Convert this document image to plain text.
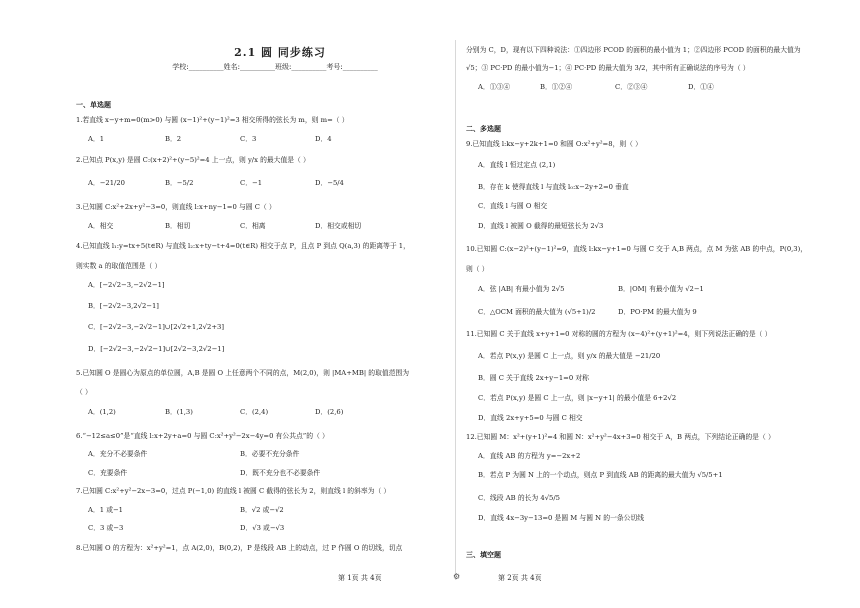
2.1 圆 同步练习
学校:__________姓名:__________班级:__________考号:__________
一、单选题
1.若直线 x−y+m=0(m>0) 与圆 (x−1)²+(y−1)²=3 相交所得的弦长为 m，则 m=（ ）
A．1	B．2	C．3	D．4
2.已知点 P(x,y) 是圆 C:(x+2)²+(y−5)²=4 上一点，则 y/x 的最大值是（ ）
A．−21/20	B．−5/2	C．−1	D．−5/4
3.已知圆 C:x²+2x+y²−3=0，则直线 l:x+ny−1=0 与圆 C（ ）
A．相交	B．相切	C．相离	D．相交或相切
4.已知直线 l₁:y=tx+5(t∈R) 与直线 l₂:x+ty−t+4=0(t∈R) 相交于点 P，且点 P 到点 Q(a,3) 的距离等于 1，
则实数 a 的取值范围是（ ）
A．[−2√2−3,−2√2−1]
B．[−2√2−3,2√2−1]
C．[−2√2−3,−2√2−1]∪[2√2+1,2√2+3]
D．[−2√2−3,−2√2−1]∪[2√2−3,2√2−1]
5.已知圆 O 是圆心为原点的单位圆，A,B 是圆 O 上任意两个不同的点，M(2,0)，则 |MA+MB| 的取值范围为
（ ）
A．(1,2)	B．(1,3)	C．(2,4)	D．(2,6)
6.“−12≤a≤0”是“直线 l:x+2y+a=0 与圆 C:x²+y²−2x−4y=0 有公共点”的（ ）
A．充分不必要条件	B．必要不充分条件
C．充要条件	D．既不充分也不必要条件
7.已知圆 C:x²+y²−2x−3=0，过点 P(−1,0) 的直线 l 被圆 C 截得的弦长为 2，则直线 l 的斜率为（ ）
A．1 或−1	B．√2 或−√2
C．3 或−3	D．√3 或−√3
8.已知圆 O 的方程为：x²+y²=1，点 A(2,0)，B(0,2)，P 是线段 AB 上的动点，过 P 作圆 O 的切线，切点
分别为 C，D，现有以下四种说法：①四边形 PCOD 的面积的最小值为 1；②四边形 PCOD 的面积的最大值为
√5；③ PC·PD 的最小值为−1；④ PC·PD 的最大值为 3/2，其中所有正确说法的序号为（ ）
A．①③④	B．①②④	C．②③④	D．①④
二、多选题
9.已知直线 l:kx−y+2k+1=0 和圆 O:x²+y²=8，则（ ）
A．直线 l 恒过定点 (2,1)
B．存在 k 使得直线 l 与直线 l₀:x−2y+2=0 垂直
C．直线 l 与圆 O 相交
D．直线 l 被圆 O 截得的最短弦长为 2√3
10.已知圆 C:(x−2)²+(y−1)²=9，直线 l:kx−y+1=0 与圆 C 交于 A,B 两点，点 M 为弦 AB 的中点，P(0,3)，
则（ ）
A．弦 |AB| 有最小值为 2√5	B．|OM| 有最小值为 √2−1
C．△OCM 面积的最大值为 (√5+1)/2	D．PO·PM 的最大值为 9
11.已知圆 C 关于直线 x+y+1=0 对称的圆的方程为 (x−4)²+(y+1)²=4，则下列说法正确的是（ ）
A．若点 P(x,y) 是圆 C 上一点，则 y/x 的最大值是 −21/20
B．圆 C 关于直线 2x+y−1=0 对称
C．若点 P(x,y) 是圆 C 上一点，则 |x−y+1| 的最小值是 6+2√2
D．直线 2x+y+5=0 与圆 C 相交
12.已知圆 M：x²+(y+1)²=4 和圆 N：x²+y²−4x+3=0 相交于 A，B 两点，下列结论正确的是（ ）
A．直线 AB 的方程为 y=−2x+2
B．若点 P 为圆 N 上的一个动点，则点 P 到直线 AB 的距离的最大值为 √5/5+1
C．线段 AB 的长为 4√5/5
D．直线 4x−3y−13=0 是圆 M 与圆 N 的一条公切线
三、填空题
第 1页 共 4页	⚙	第 2页 共 4页
